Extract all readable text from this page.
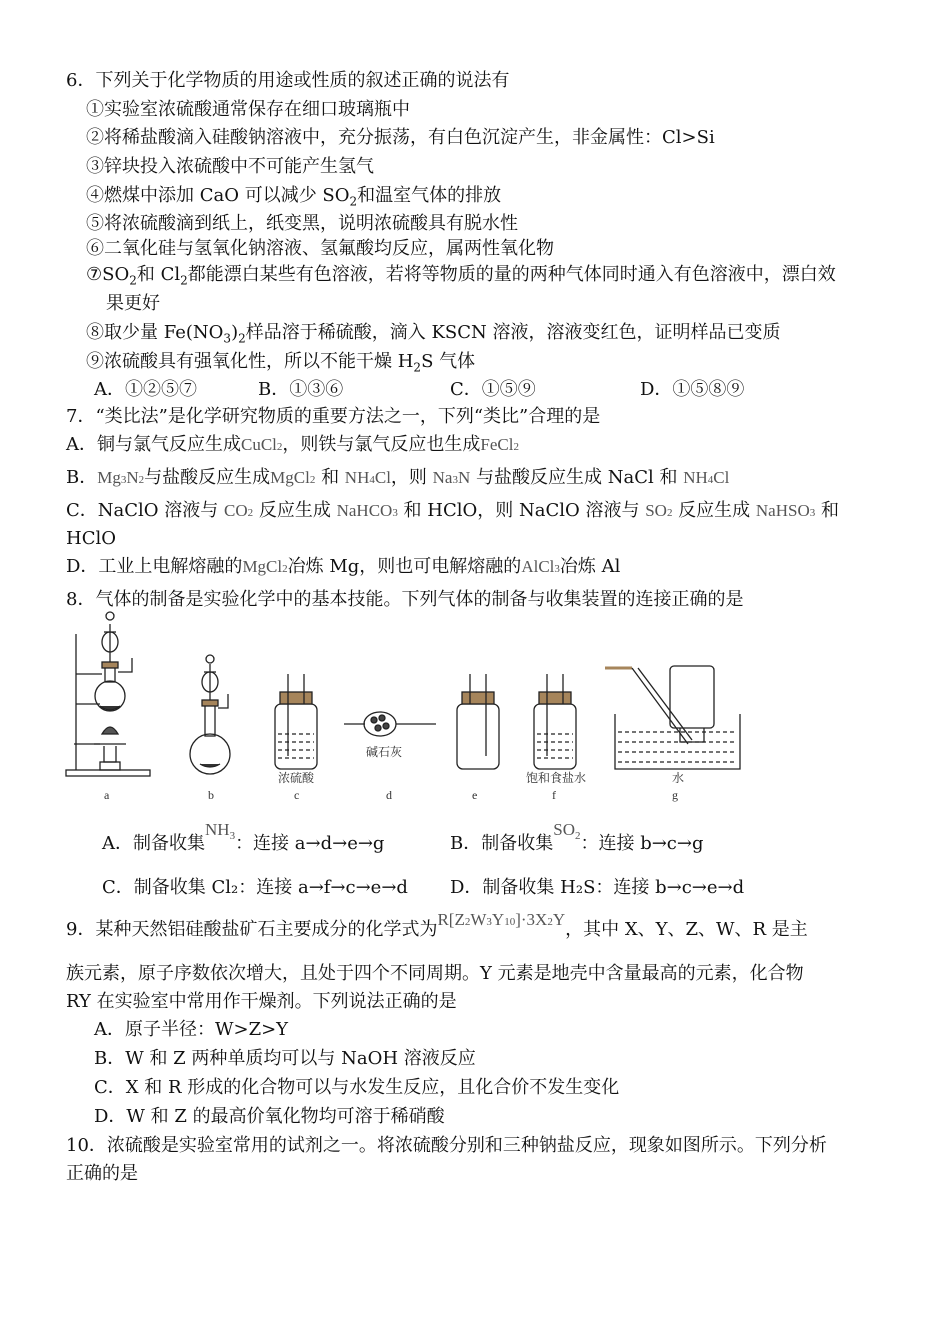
6．下列关于化学物质的用途或性质的叙述正确的说法有
①实验室浓硫酸通常保存在细口玻璃瓶中
②将稀盐酸滴入硅酸钠溶液中，充分振荡，有白色沉淀产生，非金属性：Cl>Si
③锌块投入浓硫酸中不可能产生氢气
④燃煤中添加 CaO 可以减少 $SO_2$和温室气体的排放
⑤将浓硫酸滴到纸上，纸变黑，说明浓硫酸具有脱水性
⑥二氧化硅与氢氧化钠溶液、氢氟酸均反应，属两性氧化物
$⑦SO_2$和 $Cl_2$都能漂白某些有色溶液，若将等物质的量的两种气体同时通入有色溶液中，漂白效
果更好
⑧取少量 $Fe(NO_3)_2$样品溶于稀硫酸，滴入 KSCN 溶液，溶液变红色，证明样品已变质
⑨浓硫酸具有强氧化性，所以不能干燥 $H_2S$ 气体
A．①②⑤⑦	B．①③⑥	C．①⑤⑨	D．①⑤⑧⑨
7．“类比法”是化学研究物质的重要方法之一，下列“类比”合理的是
A．铜与氯气反应生成CuCl2，则铁与氯气反应也生成FeCl2
B．Mg3N2与盐酸反应生成MgCl2 和 NH4Cl，则 Na3N 与盐酸反应生成 NaCl 和 NH4Cl
C．NaClO 溶液与 CO2 反应生成 NaHCO3 和 HClO，则 NaClO 溶液与 SO2 反应生成 NaHSO3 和
HClO
D．工业上电解熔融的MgCl2冶炼 Mg，则也可电解熔融的AlCl3冶炼 Al
8．气体的制备是实验化学中的基本技能。下列气体的制备与收集装置的连接正确的是
碱石灰
浓硫酸	饱和食盐水	水
a	b	c	d	e	f	g
A．制备收集$NH^3$：连接 a→d→e→g	B．制备收集$SO^2$：连接 b→c→g
C．制备收集 Cl₂：连接 a→f→c→e→d D．制备收集 H₂S：连接 b→c→e→d
9．某种天然铝硅酸盐矿石主要成分的化学式为R[Z2W3Y10]·3X2Y，其中 X、Y、Z、W、R 是主
族元素，原子序数依次增大，且处于四个不同周期。Y 元素是地壳中含量最高的元素，化合物
RY 在实验室中常用作干燥剂。下列说法正确的是
A．原子半径：W>Z>Y
B．W 和 Z 两种单质均可以与 NaOH 溶液反应
C．X 和 R 形成的化合物可以与水发生反应，且化合价不发生变化
D．W 和 Z 的最高价氧化物均可溶于稀硝酸
10．浓硫酸是实验室常用的试剂之一。将浓硫酸分别和三种钠盐反应，现象如图所示。下列分析
正确的是
